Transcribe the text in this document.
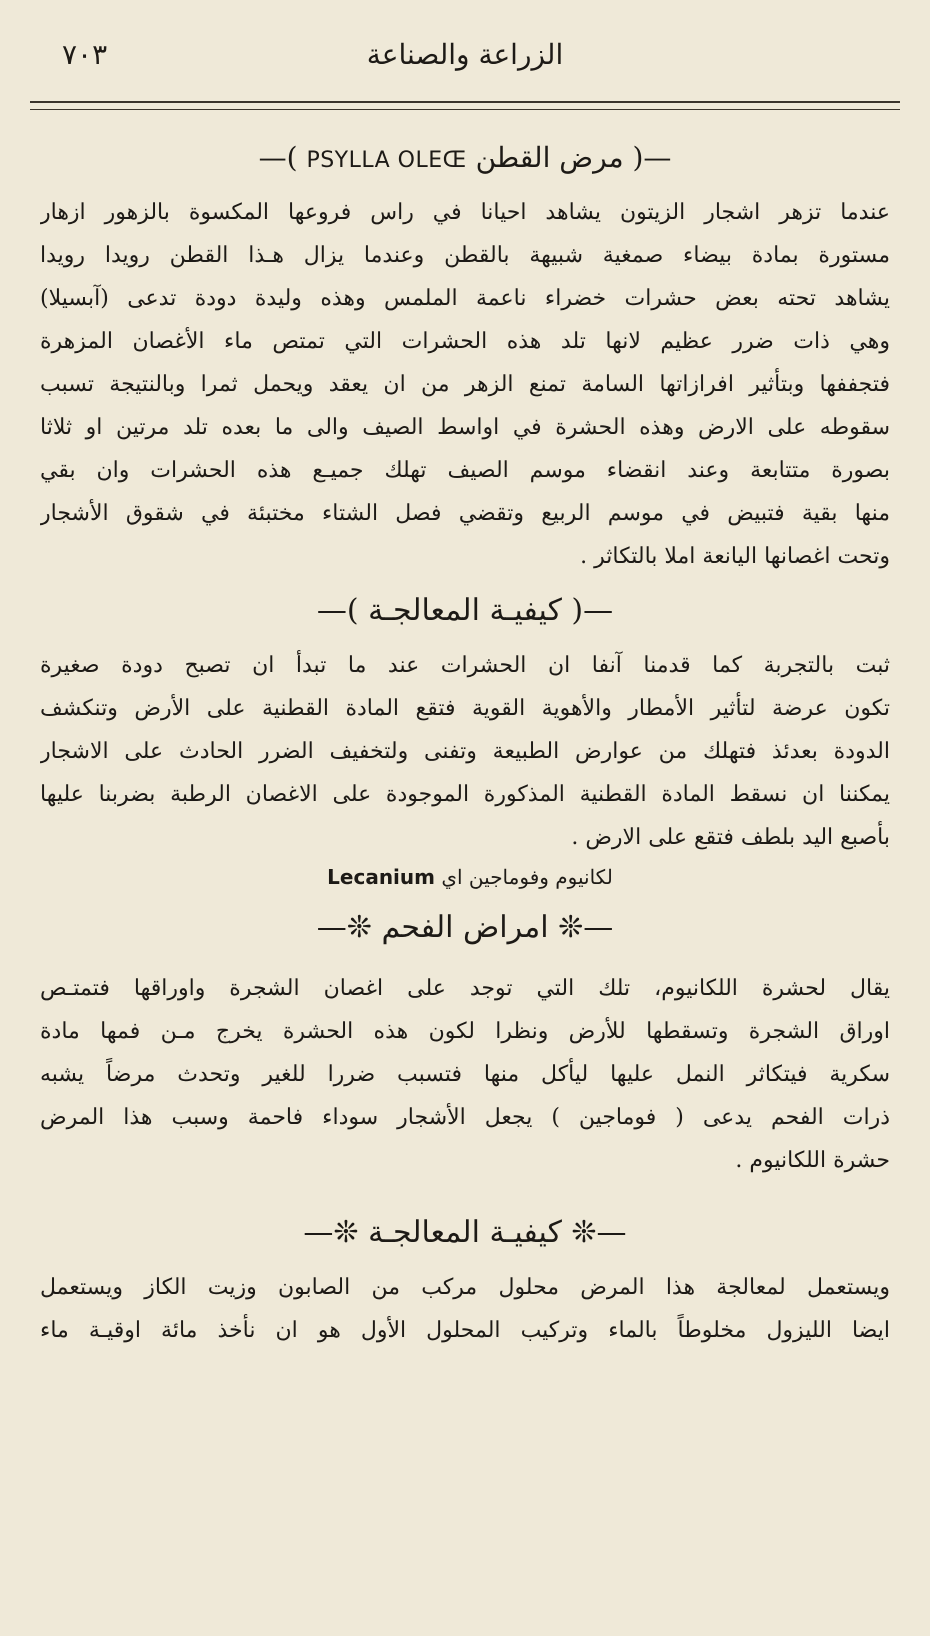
الزراعة والصناعة
٧٠٣
—( مرض القطن PSYLLA OLEŒ )—
عندما تزهر اشجار الزيتون يشاهد احيانا في راس فروعها المكسوة بالزهور ازهار
مستورة بمادة بيضاء صمغية شبيهة بالقطن وعندما يزال هـذا القطن رويدا رويدا
يشاهد تحته بعض حشرات خضراء ناعمة الملمس وهذه وليدة دودة تدعى (آبسيلا)
وهي ذات ضرر عظيم لانها تلد هذه الحشرات التي تمتص ماء الأغصان المزهرة
فتجففها وبتأثير افرازاتها السامة تمنع الزهر من ان يعقد ويحمل ثمرا وبالنتيجة تسبب
سقوطه على الارض وهذه الحشرة في اواسط الصيف والى ما بعده تلد مرتين او ثلاثا
بصورة متتابعة وعند انقضاء موسم الصيف تهلك جميـع هذه الحشرات وان بقي
منها بقية فتبيض في موسم الربيع وتقضي فصل الشتاء مختبئة في شقوق الأشجار
وتحت اغصانها اليانعة املا بالتكاثر .
—( كيفيـة المعالجـة )—
ثبت بالتجربة كما قدمنا آنفا ان الحشرات عند ما تبدأ ان تصبح دودة صغيرة
تكون عرضة لتأثير الأمطار والأهوية القوية فتقع المادة القطنية على الأرض وتنكشف
الدودة بعدئذ فتهلك من عوارض الطبيعة وتفنى ولتخفيف الضرر الحادث على الاشجار
يمكننا ان نسقط المادة القطنية المذكورة الموجودة على الاغصان الرطبة بضربنا عليها
بأصبع اليد بلطف فتقع على الارض .
لكانيوم وفوماجين اي Lecanium
—❊ امراض الفحم ❊—
يقال لحشرة اللكانيوم، تلك التي توجد على اغصان الشجرة واوراقها فتمتـص
اوراق الشجرة وتسقطها للأرض ونظرا لكون هذه الحشرة يخرج مـن فمها مادة
سكرية فيتكاثر النمل عليها ليأكل منها فتسبب ضررا للغير وتحدث مرضاً يشبه
ذرات الفحم يدعى ( فوماجين ) يجعل الأشجار سوداء فاحمة وسبب هذا المرض
حشرة اللكانيوم .
—❊ كيفيـة المعالجـة ❊—
ويستعمل لمعالجة هذا المرض محلول مركب من الصابون وزيت الكاز ويستعمل
ايضا الليزول مخلوطاً بالماء وتركيب المحلول الأول هو ان نأخذ مائة اوقيـة ماء
